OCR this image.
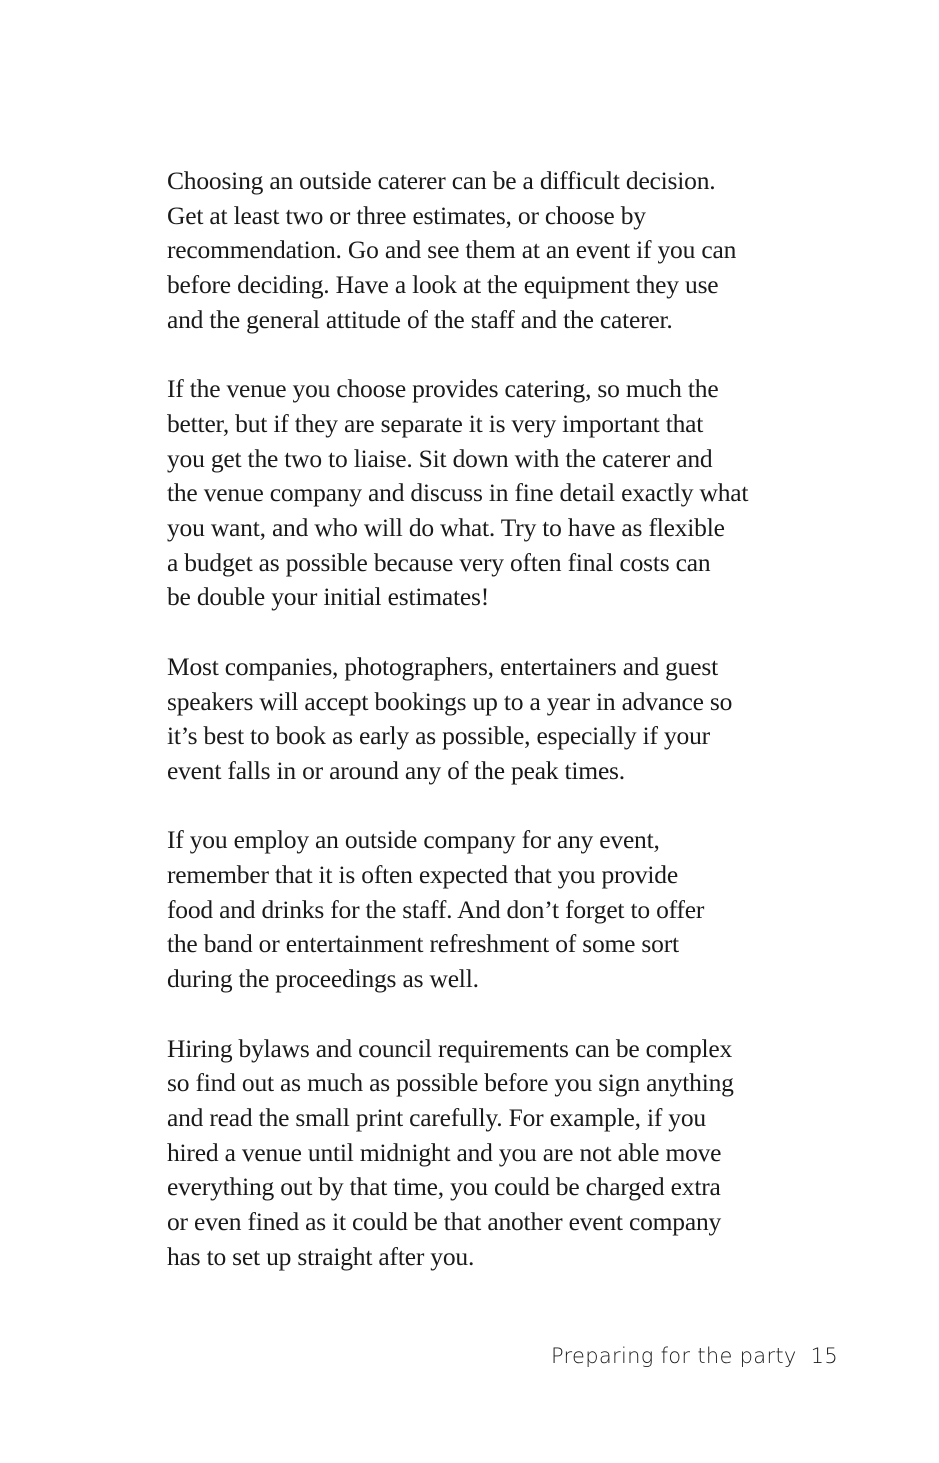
Choosing an outside caterer can be a difficult decision.
Get at least two or three estimates, or choose by
recommendation. Go and see them at an event if you can
before deciding. Have a look at the equipment they use
and the general attitude of the staff and the caterer.

If the venue you choose provides catering, so much the
better, but if they are separate it is very important that
you get the two to liaise. Sit down with the caterer and
the venue company and discuss in fine detail exactly what
you want, and who will do what. Try to have as flexible
a budget as possible because very often final costs can
be double your initial estimates!

Most companies, photographers, entertainers and guest
speakers will accept bookings up to a year in advance so
it’s best to book as early as possible, especially if your
event falls in or around any of the peak times.

If you employ an outside company for any event,
remember that it is often expected that you provide
food and drinks for the staff. And don’t forget to offer
the band or entertainment refreshment of some sort
during the proceedings as well.

Hiring bylaws and council requirements can be complex
so find out as much as possible before you sign anything
and read the small print carefully. For example, if you
hired a venue until midnight and you are not able move
everything out by that time, you could be charged extra
or even fined as it could be that another event company
has to set up straight after you.

Preparing for the party 15
